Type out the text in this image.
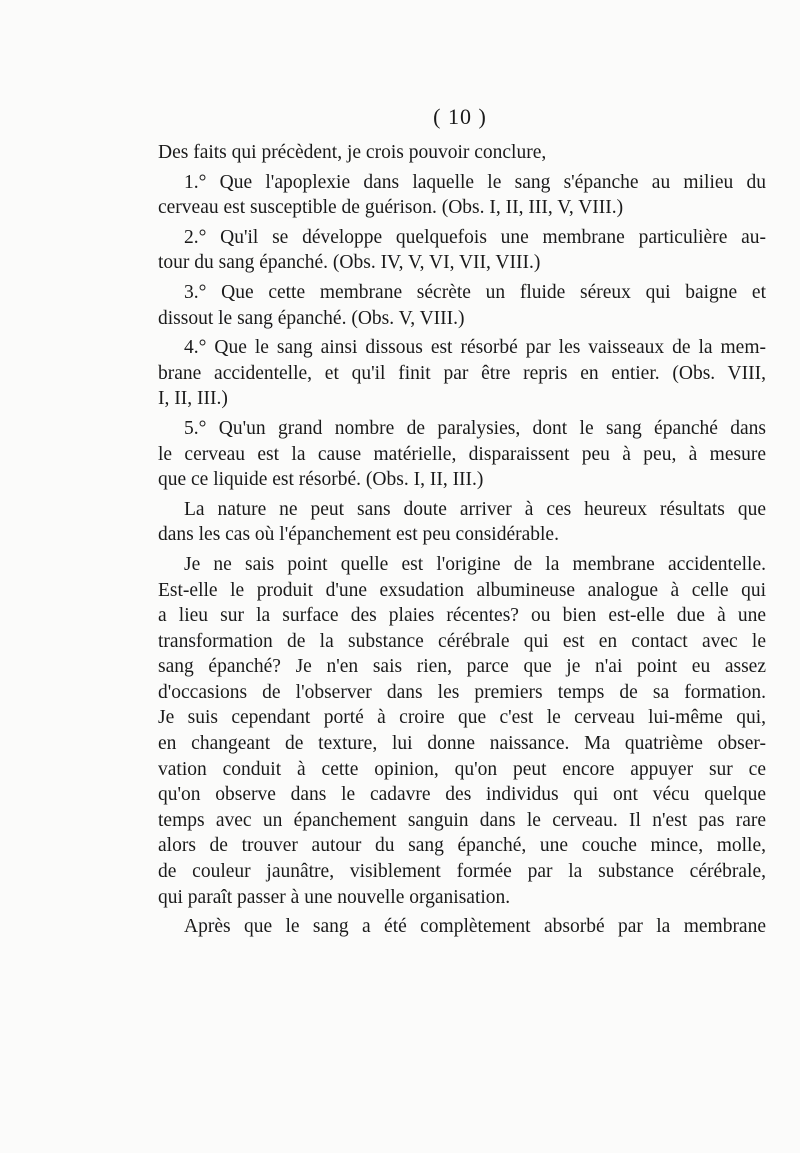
( 10 )
Des faits qui précèdent, je crois pouvoir conclure,
1.° Que l'apoplexie dans laquelle le sang s'épanche au milieu du
cerveau est susceptible de guérison. (Obs. I, II, III, V, VIII.)
2.° Qu'il se développe quelquefois une membrane particulière au-
tour du sang épanché. (Obs. IV, V, VI, VII, VIII.)
3.° Que cette membrane sécrète un fluide séreux qui baigne et
dissout le sang épanché. (Obs. V, VIII.)
4.° Que le sang ainsi dissous est résorbé par les vaisseaux de la mem-
brane accidentelle, et qu'il finit par être repris en entier. (Obs. VIII,
I, II, III.)
5.° Qu'un grand nombre de paralysies, dont le sang épanché dans
le cerveau est la cause matérielle, disparaissent peu à peu, à mesure
que ce liquide est résorbé. (Obs. I, II, III.)
La nature ne peut sans doute arriver à ces heureux résultats que
dans les cas où l'épanchement est peu considérable.
Je ne sais point quelle est l'origine de la membrane accidentelle.
Est-elle le produit d'une exsudation albumineuse analogue à celle qui
a lieu sur la surface des plaies récentes? ou bien est-elle due à une
transformation de la substance cérébrale qui est en contact avec le
sang épanché? Je n'en sais rien, parce que je n'ai point eu assez
d'occasions de l'observer dans les premiers temps de sa formation.
Je suis cependant porté à croire que c'est le cerveau lui-même qui,
en changeant de texture, lui donne naissance. Ma quatrième obser-
vation conduit à cette opinion, qu'on peut encore appuyer sur ce
qu'on observe dans le cadavre des individus qui ont vécu quelque
temps avec un épanchement sanguin dans le cerveau. Il n'est pas rare
alors de trouver autour du sang épanché, une couche mince, molle,
de couleur jaunâtre, visiblement formée par la substance cérébrale,
qui paraît passer à une nouvelle organisation.
Après que le sang a été complètement absorbé par la membrane
